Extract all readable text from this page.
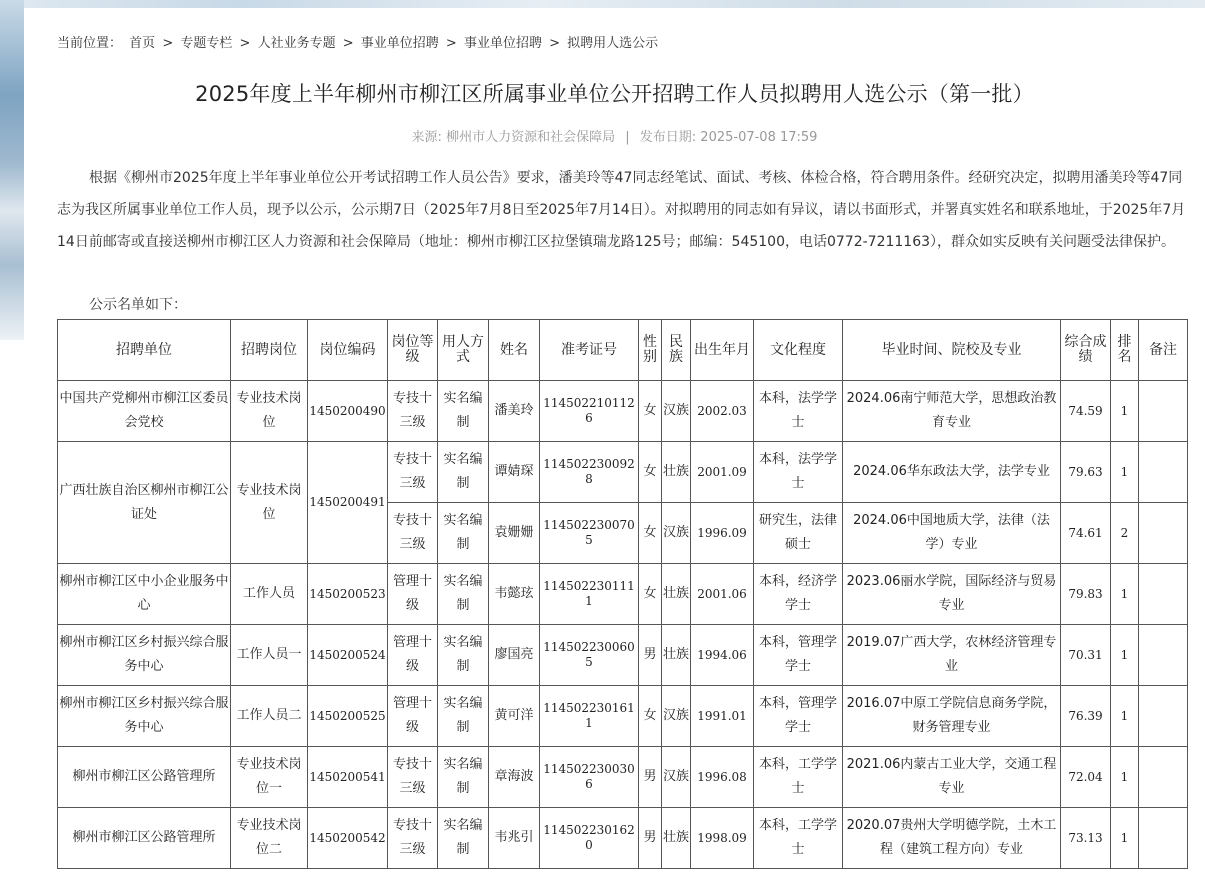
当前位置： 首页 > 专题专栏 > 人社业务专题 > 事业单位招聘 > 事业单位招聘 > 拟聘用人选公示
2025年度上半年柳州市柳江区所属事业单位公开招聘工作人员拟聘用人选公示（第一批）
来源: 柳州市人力资源和社会保障局 | 发布日期: 2025-07-08 17:59
根据《柳州市2025年度上半年事业单位公开考试招聘工作人员公告》要求，潘美玲等47同志经笔试、面试、考核、体检合格，符合聘用条件。经研究决定，拟聘用潘美玲等47同志为我区所属事业单位工作人员，现予以公示，公示期7日（2025年7月8日至2025年7月14日）。对拟聘用的同志如有异议，请以书面形式，并署真实姓名和联系地址，于2025年7月14日前邮寄或直接送柳州市柳江区人力资源和社会保障局（地址：柳州市柳江区拉堡镇瑞龙路125号；邮编：545100，电话0772-7211163），群众如实反映有关问题受法律保护。
公示名单如下：
招聘单位	招聘岗位	岗位编码	岗位等级	用人方式	姓名	准考证号	性别	民族	出生年月	文化程度	毕业时间、院校及专业	综合成绩	排名	备注
中国共产党柳州市柳江区委员会党校	专业技术岗位	1450200490	专技十三级	实名编制	潘美玲	1145022101126	女	汉族	2002.03	本科，法学学士	2024.06南宁师范大学，思想政治教育专业	74.59	1	
广西壮族自治区柳州市柳江公证处	专业技术岗位	1450200491	专技十三级	实名编制	谭婧琛	1145022300928	女	壮族	2001.09	本科，法学学士	2024.06华东政法大学，法学专业	79.63	1	
			专技十三级	实名编制	袁姗姗	1145022300705	女	汉族	1996.09	研究生，法律硕士	2024.06中国地质大学，法律（法学）专业	74.61	2	
柳州市柳江区中小企业服务中心	工作人员	1450200523	管理十级	实名编制	韦懿玹	1145022301111	女	壮族	2001.06	本科，经济学学士	2023.06丽水学院，国际经济与贸易专业	79.83	1	
柳州市柳江区乡村振兴综合服务中心	工作人员一	1450200524	管理十级	实名编制	廖国亮	1145022300605	男	壮族	1994.06	本科，管理学学士	2019.07广西大学，农林经济管理专业	70.31	1	
柳州市柳江区乡村振兴综合服务中心	工作人员二	1450200525	管理十级	实名编制	黄可洋	1145022301611	女	汉族	1991.01	本科，管理学学士	2016.07中原工学院信息商务学院，财务管理专业	76.39	1	
柳州市柳江区公路管理所	专业技术岗位一	1450200541	专技十三级	实名编制	章海波	1145022300306	男	汉族	1996.08	本科，工学学士	2021.06内蒙古工业大学，交通工程专业	72.04	1	
柳州市柳江区公路管理所	专业技术岗位二	1450200542	专技十三级	实名编制	韦兆引	1145022301620	男	壮族	1998.09	本科，工学学士	2020.07贵州大学明德学院，土木工程（建筑工程方向）专业	73.13	1	
